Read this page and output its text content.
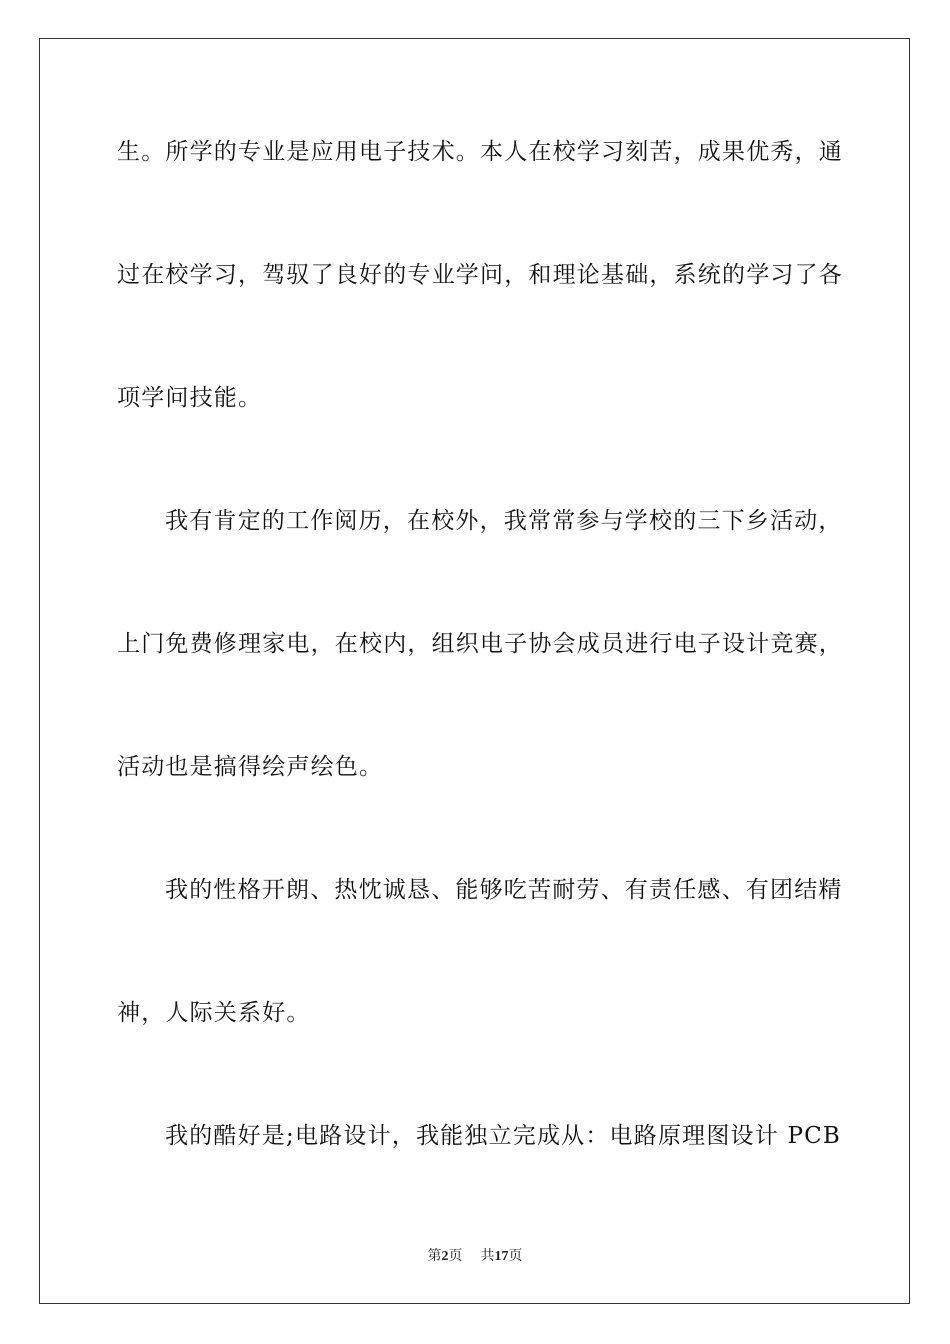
生。所学的专业是应用电子技术。本人在校学习刻苦，成果优秀，通

过在校学习，驾驭了良好的专业学问，和理论基础，系统的学习了各

项学问技能。

我有肯定的工作阅历，在校外，我常常参与学校的三下乡活动，

上门免费修理家电，在校内，组织电子协会成员进行电子设计竞赛，

活动也是搞得绘声绘色。

我的性格开朗、热忱诚恳、能够吃苦耐劳、有责任感、有团结精

神，人际关系好。

我的酷好是;电路设计，我能独立完成从：电路原理图设计 PCB

第2页 共17页
